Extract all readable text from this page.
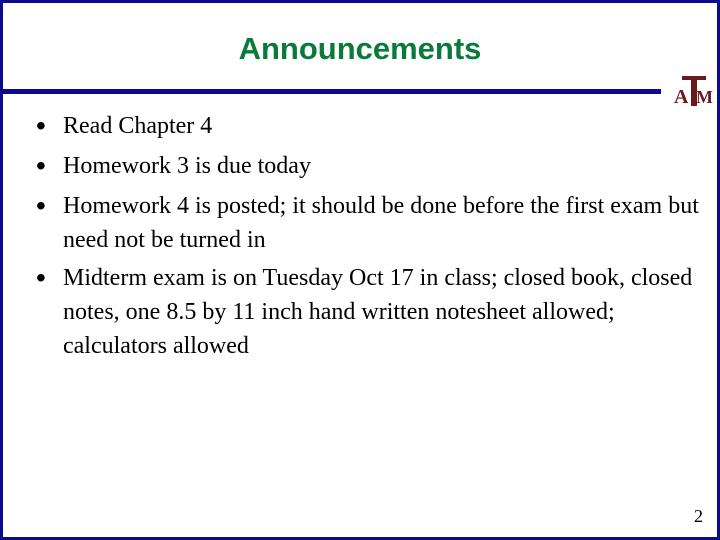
Announcements
A M
• Read Chapter 4
• Homework 3 is due today
• Homework 4 is posted; it should be done before the first exam but need not be turned in
• Midterm exam is on Tuesday Oct 17 in class; closed book, closed notes, one 8.5 by 11 inch hand written notesheet allowed; calculators allowed
2
